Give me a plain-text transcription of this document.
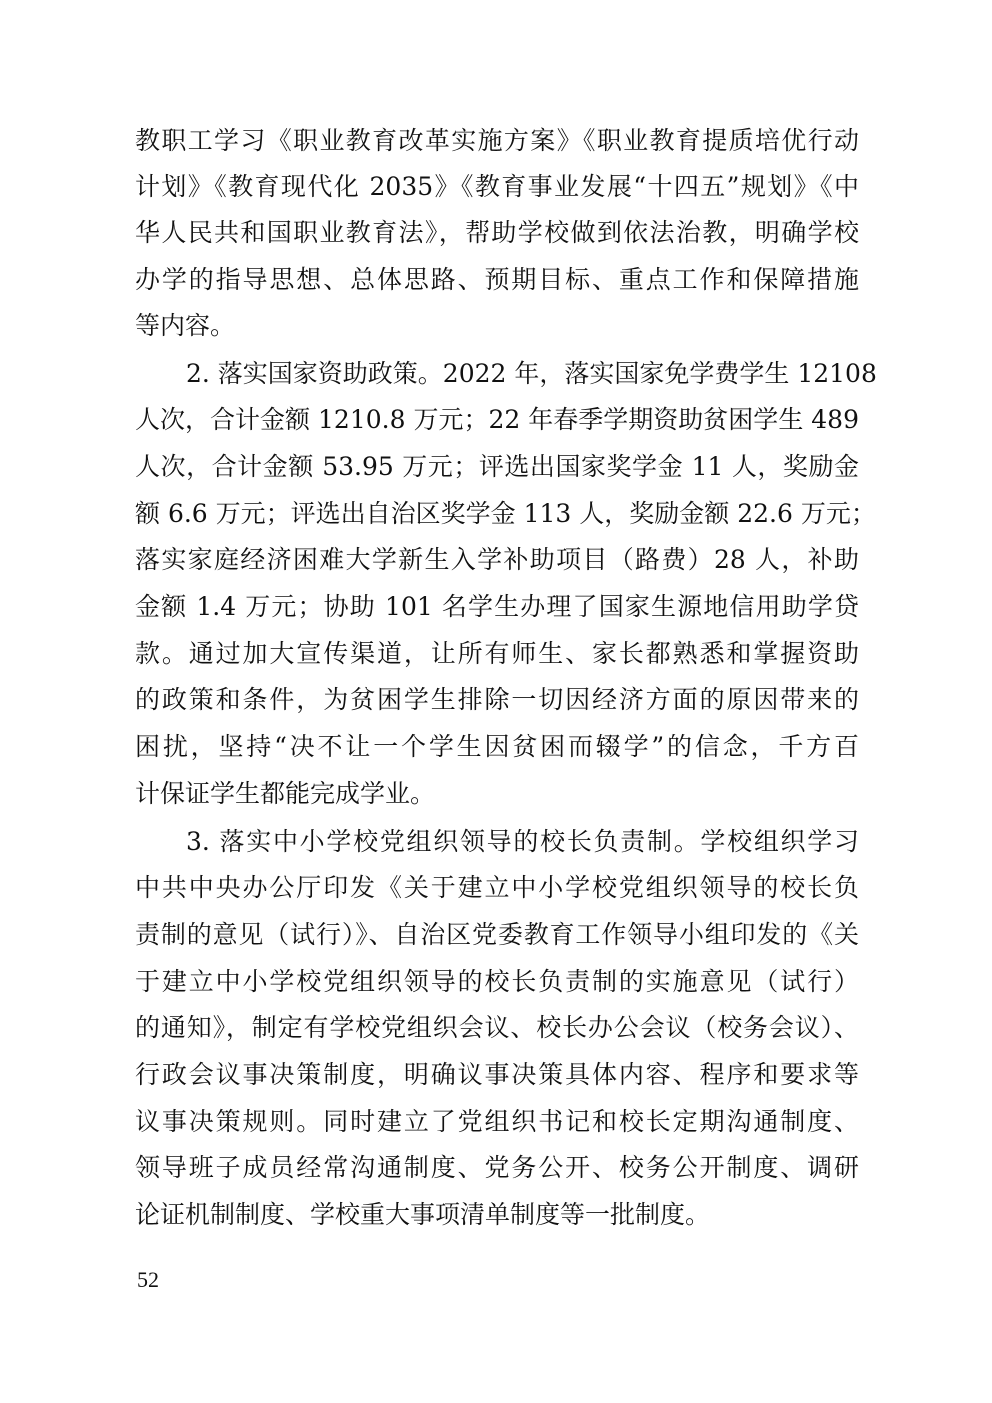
教职工学习《职业教育改革实施方案》《职业教育提质培优行动
计划》《教育现代化 2035》《教育事业发展“十四五”规划》《中
华人民共和国职业教育法》，帮助学校做到依法治教，明确学校
办学的指导思想、总体思路、预期目标、重点工作和保障措施
等内容。
2. 落实国家资助政策。2022 年，落实国家免学费学生 12108
人次，合计金额 1210.8 万元；22 年春季学期资助贫困学生 489
人次，合计金额 53.95 万元；评选出国家奖学金 11 人，奖励金
额 6.6 万元；评选出自治区奖学金 113 人，奖励金额 22.6 万元；
落实家庭经济困难大学新生入学补助项目（路费）28 人，补助
金额 1.4 万元；协助 101 名学生办理了国家生源地信用助学贷
款。通过加大宣传渠道，让所有师生、家长都熟悉和掌握资助
的政策和条件，为贫困学生排除一切因经济方面的原因带来的
困扰，坚持“决不让一个学生因贫困而辍学”的信念，千方百
计保证学生都能完成学业。
3. 落实中小学校党组织领导的校长负责制。学校组织学习
中共中央办公厅印发《关于建立中小学校党组织领导的校长负
责制的意见（试行）》、自治区党委教育工作领导小组印发的《关
于建立中小学校党组织领导的校长负责制的实施意见（试行）
的通知》，制定有学校党组织会议、校长办公会议（校务会议）、
行政会议事决策制度，明确议事决策具体内容、程序和要求等
议事决策规则。同时建立了党组织书记和校长定期沟通制度、
领导班子成员经常沟通制度、党务公开、校务公开制度、调研
论证机制制度、学校重大事项清单制度等一批制度。
52
